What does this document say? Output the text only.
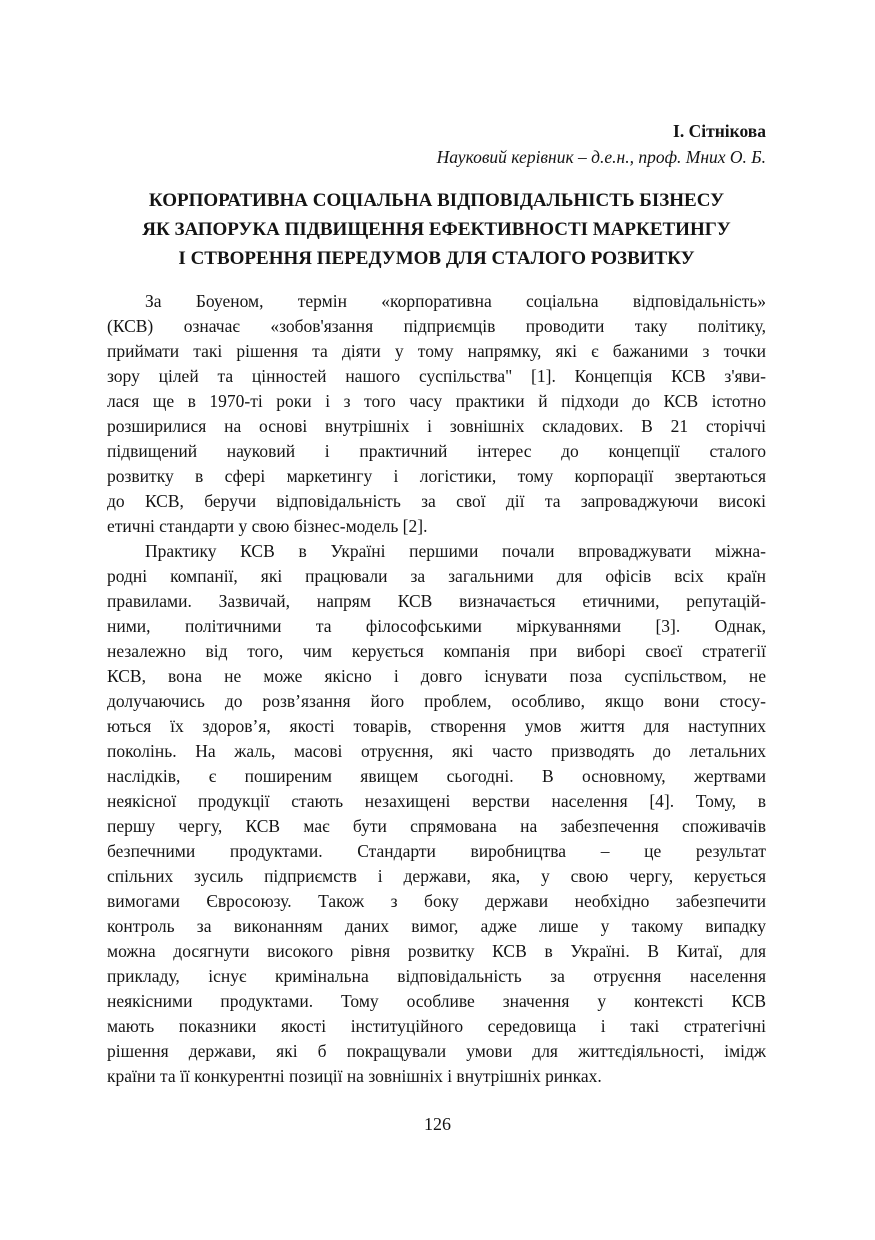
І. Сітнікова
Науковий керівник – д.е.н., проф. Мних О. Б.
КОРПОРАТИВНА СОЦІАЛЬНА ВІДПОВІДАЛЬНІСТЬ БІЗНЕСУ
ЯК ЗАПОРУКА ПІДВИЩЕННЯ ЕФЕКТИВНОСТІ МАРКЕТИНГУ
І СТВОРЕННЯ ПЕРЕДУМОВ ДЛЯ СТАЛОГО РОЗВИТКУ
За Боуеном, термін «корпоративна соціальна відповідальність»
(КСВ) означає «зобов'язання підприємців проводити таку політику,
приймати такі рішення та діяти у тому напрямку, які є бажаними з точки
зору цілей та цінностей нашого суспільства" [1]. Концепція КСВ з'яви-
лася ще в 1970-ті роки і з того часу практики й підходи до КСВ істотно
розширилися на основі внутрішніх і зовнішніх складових. В 21 сторіччі
підвищений науковий і практичний інтерес до концепції сталого
розвитку в сфері маркетингу і логістики, тому корпорації звертаються
до КСВ, беручи відповідальність за свої дії та запроваджуючи високі
етичні стандарти у свою бізнес-модель [2].
Практику КСВ в Україні першими почали впроваджувати міжна-
родні компанії, які працювали за загальними для офісів всіх країн
правилами. Зазвичай, напрям КСВ визначається етичними, репутацій-
ними, політичними та філософськими міркуваннями [3]. Однак,
незалежно від того, чим керується компанія при виборі своєї стратегії
КСВ, вона не може якісно і довго існувати поза суспільством, не
долучаючись до розв’язання його проблем, особливо, якщо вони стосу-
ються їх здоров’я, якості товарів, створення умов життя для наступних
поколінь. На жаль, масові отруєння, які часто призводять до летальних
наслідків, є поширеним явищем сьогодні. В основному, жертвами
неякісної продукції стають незахищені верстви населення [4]. Тому, в
першу чергу, КСВ має бути спрямована на забезпечення споживачів
безпечними продуктами. Стандарти виробництва – це результат
спільних зусиль підприємств і держави, яка, у свою чергу, керується
вимогами Євросоюзу. Також з боку держави необхідно забезпечити
контроль за виконанням даних вимог, адже лише у такому випадку
можна досягнути високого рівня розвитку КСВ в Україні. В Китаї, для
прикладу, існує кримінальна відповідальність за отруєння населення
неякісними продуктами. Тому особливе значення у контексті КСВ
мають показники якості інституційного середовища і такі стратегічні
рішення держави, які б покращували умови для життєдіяльності, імідж
країни та її конкурентні позиції на зовнішніх і внутрішніх ринках.
126
